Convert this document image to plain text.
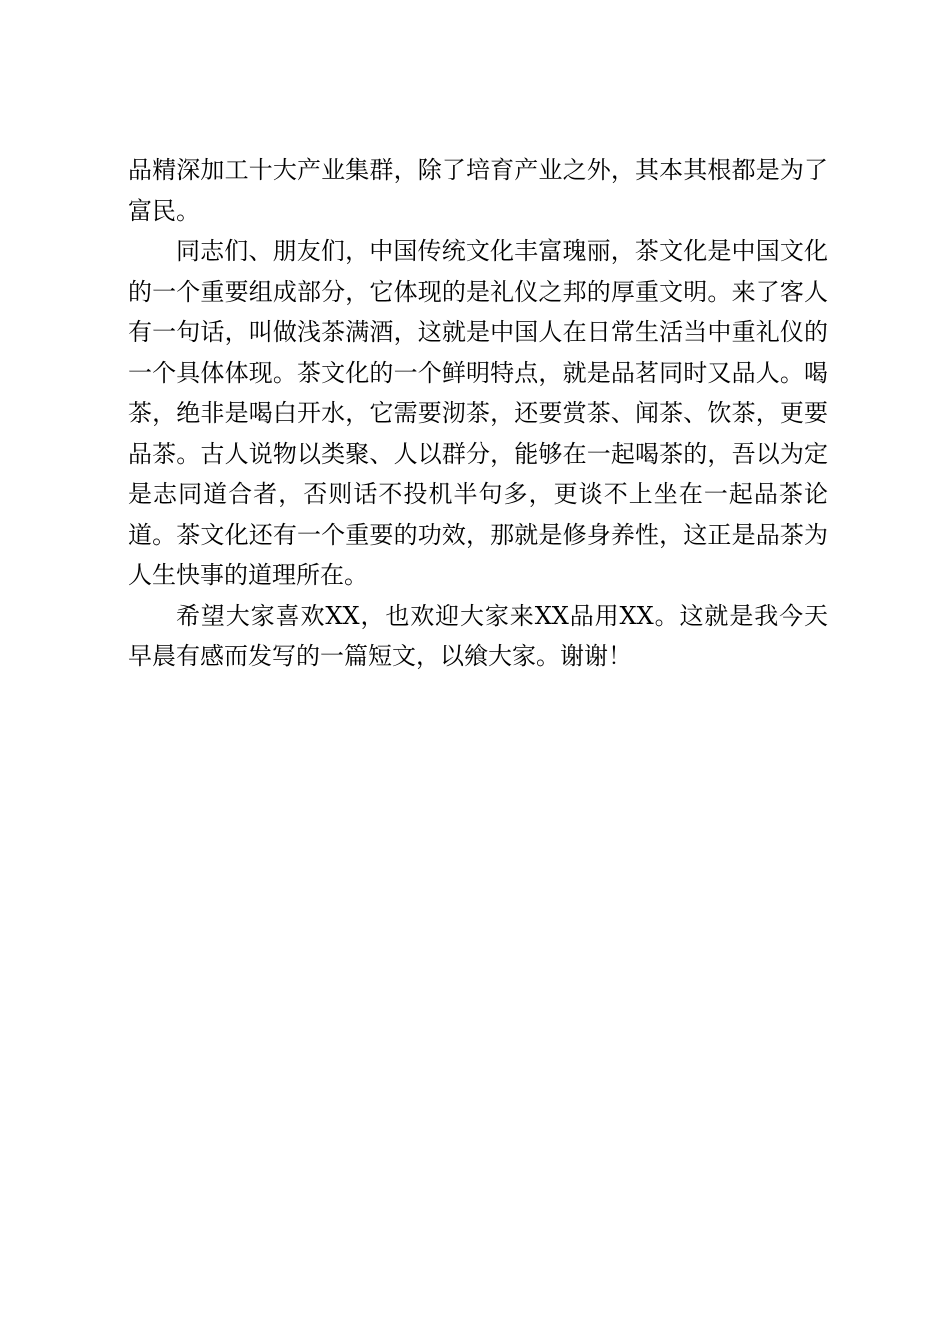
品精深加工十大产业集群，除了培育产业之外，其本其根都是为了富民。

同志们、朋友们，中国传统文化丰富瑰丽，茶文化是中国文化的一个重要组成部分，它体现的是礼仪之邦的厚重文明。来了客人有一句话，叫做浅茶满酒，这就是中国人在日常生活当中重礼仪的一个具体体现。茶文化的一个鲜明特点，就是品茗同时又品人。喝茶，绝非是喝白开水，它需要沏茶，还要赏茶、闻茶、饮茶，更要品茶。古人说物以类聚、人以群分，能够在一起喝茶的，吾以为定是志同道合者，否则话不投机半句多，更谈不上坐在一起品茶论道。茶文化还有一个重要的功效，那就是修身养性，这正是品茶为人生快事的道理所在。

希望大家喜欢XX，也欢迎大家来XX品用XX。这就是我今天早晨有感而发写的一篇短文，以飨大家。谢谢！
